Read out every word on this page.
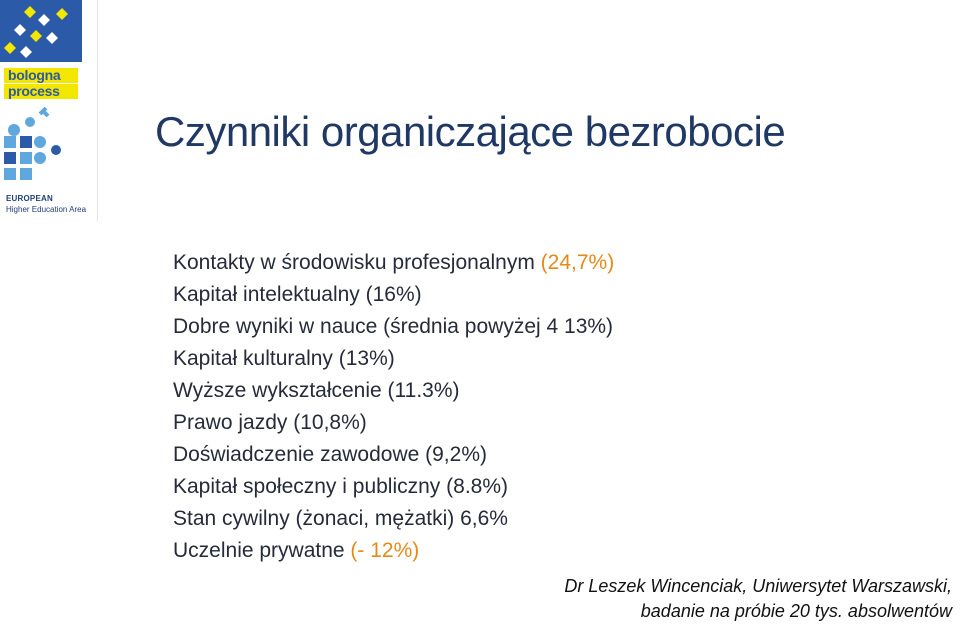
bologna
process
EUROPEAN
Higher Education Area
Czynniki organiczające bezrobocie
Kontakty w środowisku profesjonalnym (24,7%)
Kapitał intelektualny (16%)
Dobre wyniki w nauce (średnia powyżej 4 13%)
Kapitał kulturalny (13%)
Wyższe wykształcenie (11.3%)
Prawo jazdy (10,8%)
Doświadczenie zawodowe (9,2%)
Kapitał społeczny i publiczny (8.8%)
Stan cywilny (żonaci, mężatki) 6,6%
Uczelnie prywatne (- 12%)
Dr Leszek Wincenciak, Uniwersytet Warszawski,
badanie na próbie 20 tys. absolwentów
